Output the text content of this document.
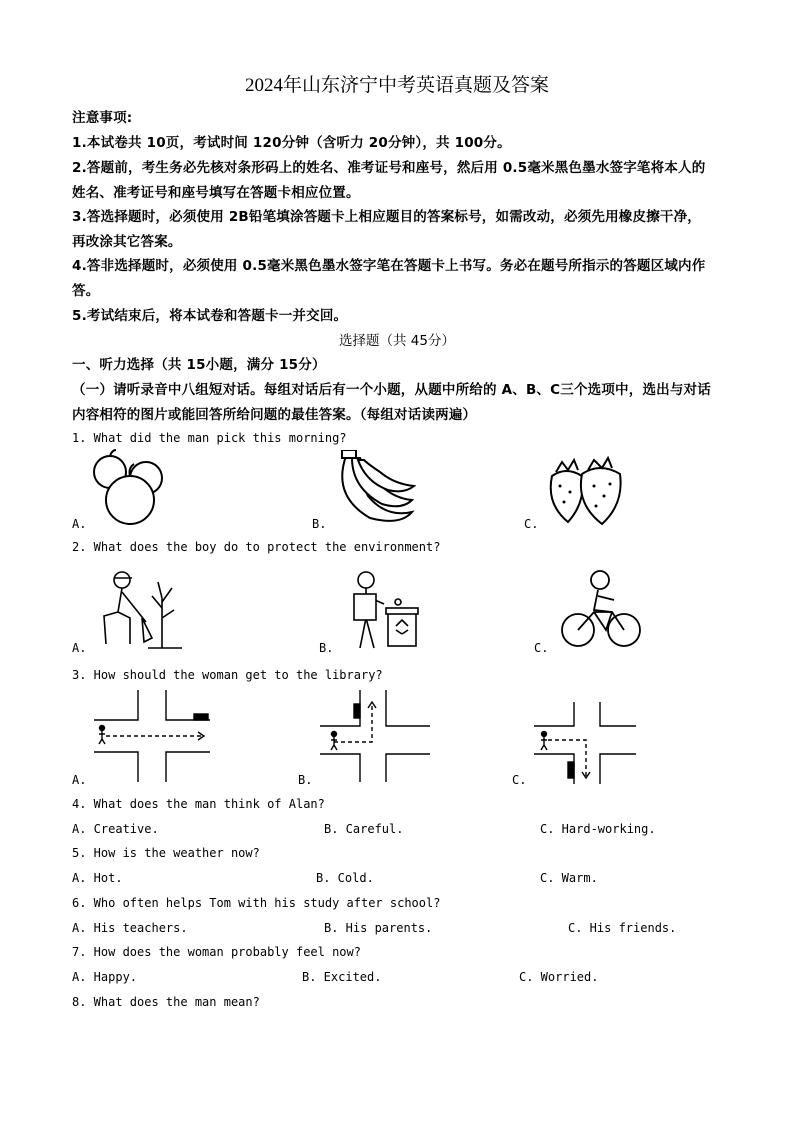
2024年山东济宁中考英语真题及答案
注意事项:
1.本试卷共 10页，考试时间 120分钟（含听力 20分钟），共 100分。
2.答题前，考生务必先核对条形码上的姓名、准考证号和座号，然后用 0.5毫米黑色墨水签字笔将本人的
姓名、准考证号和座号填写在答题卡相应位置。
3.答选择题时，必须使用 2B铅笔填涂答题卡上相应题目的答案标号，如需改动，必须先用橡皮擦干净，
再改涂其它答案。
4.答非选择题时，必须使用 0.5毫米黑色墨水签字笔在答题卡上书写。务必在题号所指示的答题区域内作
答。
5.考试结束后，将本试卷和答题卡一并交回。
选择题（共 45分）
一、听力选择（共 15小题，满分 15分）
（一）请听录音中八组短对话。每组对话后有一个小题，从题中所给的 A、B、C三个选项中，选出与对话
内容相符的图片或能回答所给问题的最佳答案。（每组对话读两遍）
1. What did the man pick this morning?
A.	B.	C.
2. What does the boy do to protect the environment?
A.	B.	C.
3. How should the woman get to the library?
A.	B.	C.
4. What does the man think of Alan?
A. Creative.	B. Careful.	C. Hard-working.
5. How is the weather now?
A. Hot.	B. Cold.	C. Warm.
6. Who often helps Tom with his study after school?
A. His teachers.	B. His parents.	C. His friends.
7. How does the woman probably feel now?
A. Happy.	B. Excited.	C. Worried.
8. What does the man mean?
